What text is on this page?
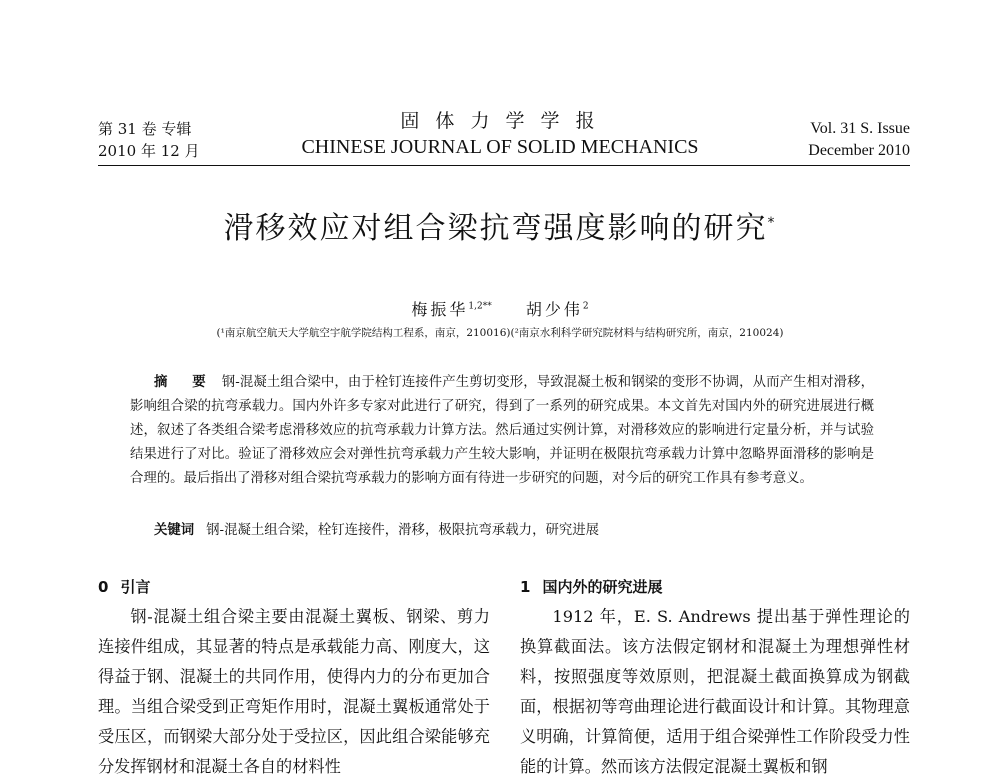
第 31 卷 专辑
2010 年 12 月
固 体 力 学 学 报
CHINESE JOURNAL OF SOLID MECHANICS
Vol. 31 S. Issue
December 2010
滑移效应对组合梁抗弯强度影响的研究*
梅振华$^{1,2**}$ 胡少伟$^2$
(¹南京航空航天大学航空宇航学院结构工程系，南京，210016)(²南京水利科学研究院材料与结构研究所，南京，210024)
摘 要 钢-混凝土组合梁中，由于栓钉连接件产生剪切变形，导致混凝土板和钢梁的变形不协调，从而产生相对滑移，影响组合梁的抗弯承载力。国内外许多专家对此进行了研究，得到了一系列的研究成果。本文首先对国内外的研究进展进行概述，叙述了各类组合梁考虑滑移效应的抗弯承载力计算方法。然后通过实例计算，对滑移效应的影响进行定量分析，并与试验结果进行了对比。验证了滑移效应会对弹性抗弯承载力产生较大影响，并证明在极限抗弯承载力计算中忽略界面滑移的影响是合理的。最后指出了滑移对组合梁抗弯承载力的影响方面有待进一步研究的问题，对今后的研究工作具有参考意义。
关键词 钢-混凝土组合梁，栓钉连接件，滑移，极限抗弯承载力，研究进展
0 引言

钢-混凝土组合梁主要由混凝土翼板、钢梁、剪力连接件组成，其显著的特点是承载能力高、刚度大，这得益于钢、混凝土的共同作用，使得内力的分布更加合理。当组合梁受到正弯矩作用时，混凝土翼板通常处于受压区，而钢梁大部分处于受拉区，因此组合梁能够充分发挥钢材和混凝土各自的材料性

1 国内外的研究进展

1912 年，E. S. Andrews 提出基于弹性理论的换算截面法。该方法假定钢材和混凝土为理想弹性材料，按照强度等效原则，把混凝土截面换算成为钢截面，根据初等弯曲理论进行截面设计和计算。其物理意义明确，计算简便，适用于组合梁弹性工作阶段受力性能的计算。然而该方法假定混凝土翼板和钢
